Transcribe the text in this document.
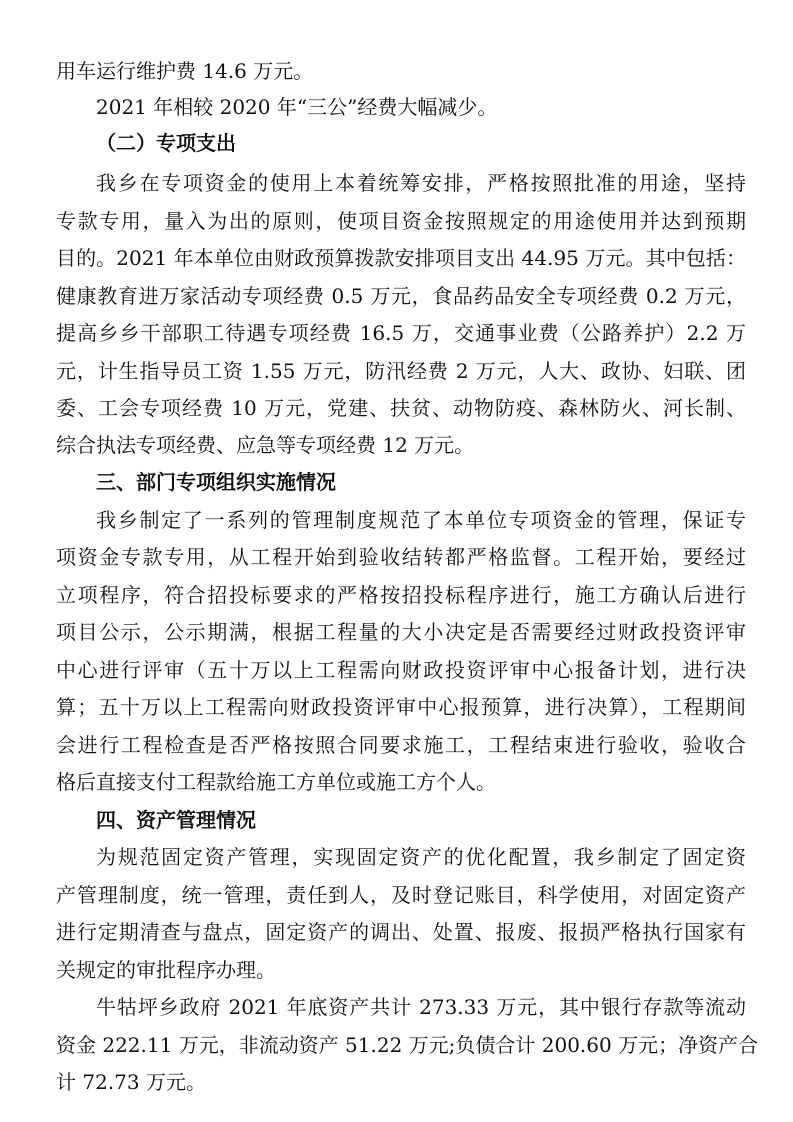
用车运行维护费 14.6 万元。
2021 年相较 2020 年“三公”经费大幅减少。
（二）专项支出
我乡在专项资金的使用上本着统筹安排，严格按照批准的用途，坚持
专款专用，量入为出的原则，使项目资金按照规定的用途使用并达到预期
目的。2021 年本单位由财政预算拨款安排项目支出 44.95 万元。其中包括：
健康教育进万家活动专项经费 0.5 万元，食品药品安全专项经费 0.2 万元，
提高乡乡干部职工待遇专项经费 16.5 万，交通事业费（公路养护）2.2 万
元，计生指导员工资 1.55 万元，防汛经费 2 万元，人大、政协、妇联、团
委、工会专项经费 10 万元，党建、扶贫、动物防疫、森林防火、河长制、
综合执法专项经费、应急等专项经费 12 万元。
三、部门专项组织实施情况
我乡制定了一系列的管理制度规范了本单位专项资金的管理，保证专
项资金专款专用，从工程开始到验收结转都严格监督。工程开始，要经过
立项程序，符合招投标要求的严格按招投标程序进行，施工方确认后进行
项目公示，公示期满，根据工程量的大小决定是否需要经过财政投资评审
中心进行评审（五十万以上工程需向财政投资评审中心报备计划，进行决
算；五十万以上工程需向财政投资评审中心报预算，进行决算），工程期间
会进行工程检查是否严格按照合同要求施工，工程结束进行验收，验收合
格后直接支付工程款给施工方单位或施工方个人。
四、资产管理情况
为规范固定资产管理，实现固定资产的优化配置，我乡制定了固定资
产管理制度，统一管理，责任到人，及时登记账目，科学使用，对固定资产
进行定期清查与盘点，固定资产的调出、处置、报废、报损严格执行国家有
关规定的审批程序办理。
牛牯坪乡政府 2021 年底资产共计 273.33 万元，其中银行存款等流动
资金 222.11 万元，非流动资产 51.22 万元;负债合计 200.60 万元；净资产合
计 72.73 万元。
